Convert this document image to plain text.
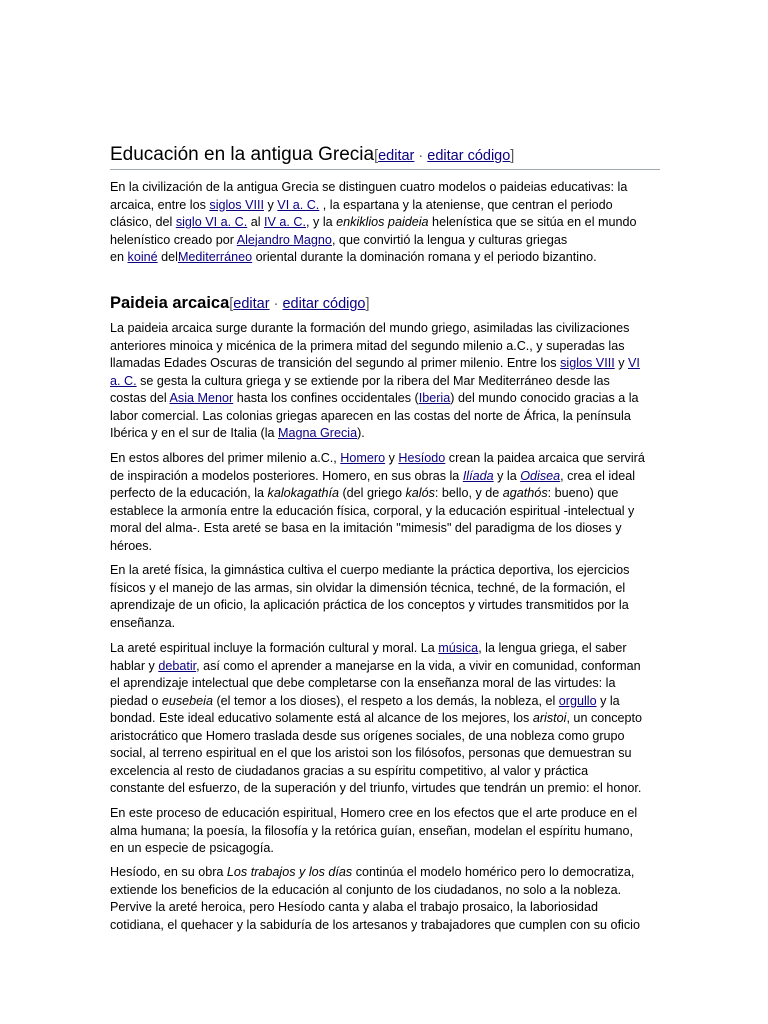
Educación en la antigua Grecia[editar · editar código]

En la civilización de la antigua Grecia se distinguen cuatro modelos o paideias educativas: la
arcaica, entre los siglos VIII y VI a. C. , la espartana y la ateniense, que centran el periodo
clásico, del siglo VI a. C. al IV a. C., y la enkiklios paideia helenística que se sitúa en el mundo
helenístico creado por Alejandro Magno, que convirtió la lengua y culturas griegas
en koiné delMediterráneo oriental durante la dominación romana y el periodo bizantino.

Paideia arcaica[editar · editar código]

La paideia arcaica surge durante la formación del mundo griego, asimiladas las civilizaciones
anteriores minoica y micénica de la primera mitad del segundo milenio a.C., y superadas las
llamadas Edades Oscuras de transición del segundo al primer milenio. Entre los siglos VIII y VI
a. C. se gesta la cultura griega y se extiende por la ribera del Mar Mediterráneo desde las
costas del Asia Menor hasta los confines occidentales (Iberia) del mundo conocido gracias a la
labor comercial. Las colonias griegas aparecen en las costas del norte de África, la península
Ibérica y en el sur de Italia (la Magna Grecia).

En estos albores del primer milenio a.C., Homero y Hesíodo crean la paidea arcaica que servirá
de inspiración a modelos posteriores. Homero, en sus obras la Ilíada y la Odisea, crea el ideal
perfecto de la educación, la kalokagathía (del griego kalós: bello, y de agathós: bueno) que
establece la armonía entre la educación física, corporal, y la educación espiritual -intelectual y
moral del alma-. Esta areté se basa en la imitación "mimesis" del paradigma de los dioses y
héroes.

En la areté física, la gimnástica cultiva el cuerpo mediante la práctica deportiva, los ejercicios
físicos y el manejo de las armas, sin olvidar la dimensión técnica, techné, de la formación, el
aprendizaje de un oficio, la aplicación práctica de los conceptos y virtudes transmitidos por la
enseñanza.

La areté espiritual incluye la formación cultural y moral. La música, la lengua griega, el saber
hablar y debatir, así como el aprender a manejarse en la vida, a vivir en comunidad, conforman
el aprendizaje intelectual que debe completarse con la enseñanza moral de las virtudes: la
piedad o eusebeia (el temor a los dioses), el respeto a los demás, la nobleza, el orgullo y la
bondad. Este ideal educativo solamente está al alcance de los mejores, los aristoi, un concepto
aristocrático que Homero traslada desde sus orígenes sociales, de una nobleza como grupo
social, al terreno espiritual en el que los aristoi son los filósofos, personas que demuestran su
excelencia al resto de ciudadanos gracias a su espíritu competitivo, al valor y práctica
constante del esfuerzo, de la superación y del triunfo, virtudes que tendrán un premio: el honor.

En este proceso de educación espiritual, Homero cree en los efectos que el arte produce en el
alma humana; la poesía, la filosofía y la retórica guían, enseñan, modelan el espíritu humano,
en un especie de psicagogía.

Hesíodo, en su obra Los trabajos y los días continúa el modelo homérico pero lo democratiza,
extiende los beneficios de la educación al conjunto de los ciudadanos, no solo a la nobleza.
Pervive la areté heroica, pero Hesíodo canta y alaba el trabajo prosaico, la laboriosidad
cotidiana, el quehacer y la sabiduría de los artesanos y trabajadores que cumplen con su oficio
